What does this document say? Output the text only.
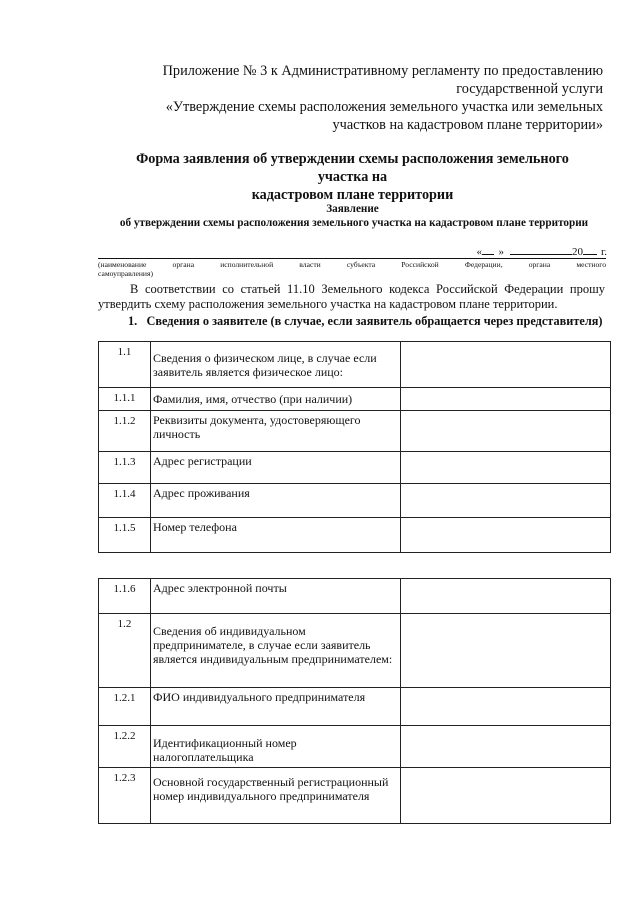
Приложение № 3 к Административному регламенту по предоставлению
государственной услуги
«Утверждение схемы расположения земельного участка или земельных
участков на кадастровом плане территории»
Форма заявления об утверждении схемы расположения земельного
участка на
кадастровом плане территории
Заявление
об утверждении схемы расположения земельного участка на кадастровом плане территории
« »	20 г.
(наименование органа исполнительной власти субъекта Российской Федерации, органа местного
самоуправления)
В соответствии со статьей 11.10 Земельного кодекса Российской Федерации прошу утвердить схему расположения земельного участка на кадастровом плане территории.
1. Сведения о заявителе (в случае, если заявитель обращается через представителя)
1.1	Сведения о физическом лице, в случае если заявитель является физическое лицо:	
1.1.1	Фамилия, имя, отчество (при наличии)	
1.1.2	Реквизиты документа, удостоверяющего личность	
1.1.3	Адрес регистрации	
1.1.4	Адрес проживания	
1.1.5	Номер телефона	
1.1.6	Адрес электронной почты	
1.2	Сведения об индивидуальном предпринимателе, в случае если заявитель является индивидуальным предпринимателем:	
1.2.1	ФИО индивидуального предпринимателя	
1.2.2	Идентификационный номер налогоплательщика	
1.2.3	Основной государственный регистрационный номер индивидуального предпринимателя	
